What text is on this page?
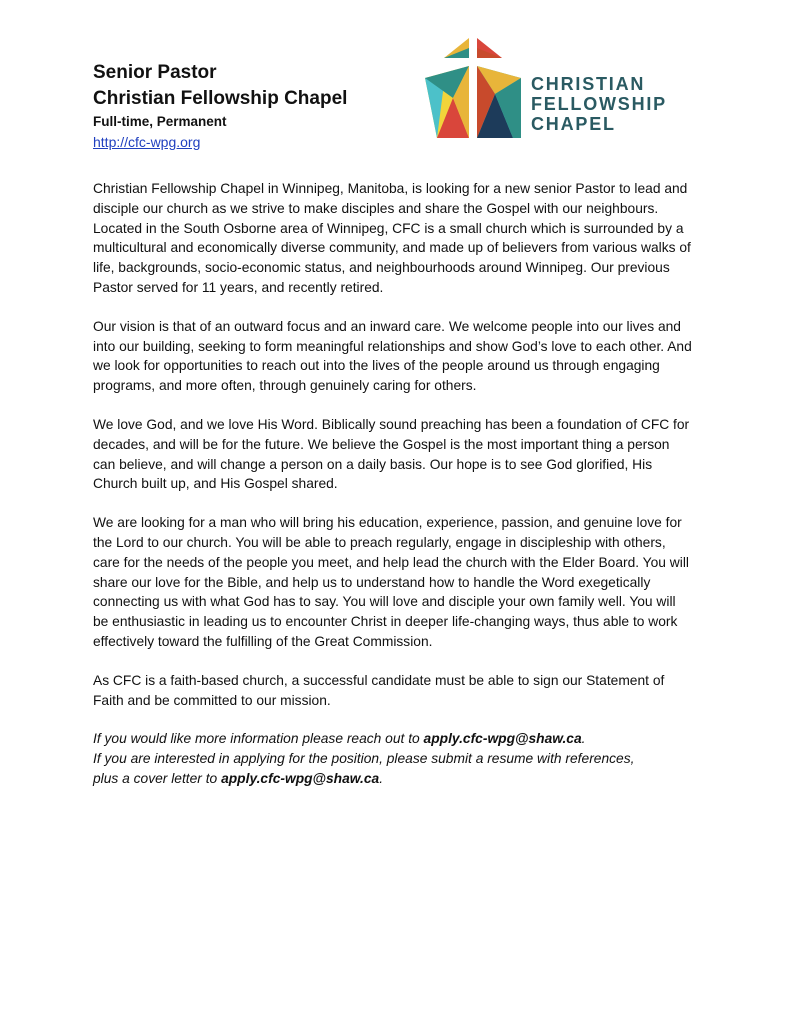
Senior Pastor
Christian Fellowship Chapel
Full-time, Permanent
http://cfc-wpg.org
CHRISTIAN
FELLOWSHIP
CHAPEL

Christian Fellowship Chapel in Winnipeg, Manitoba, is looking for a new senior Pastor to lead and disciple our church as we strive to make disciples and share the Gospel with our neighbours. Located in the South Osborne area of Winnipeg, CFC is a small church which is surrounded by a multicultural and economically diverse community, and made up of believers from various walks of life, backgrounds, socio-economic status, and neighbourhoods around Winnipeg. Our previous Pastor served for 11 years, and recently retired.

Our vision is that of an outward focus and an inward care. We welcome people into our lives and into our building, seeking to form meaningful relationships and show God’s love to each other. And we look for opportunities to reach out into the lives of the people around us through engaging programs, and more often, through genuinely caring for others.

We love God, and we love His Word. Biblically sound preaching has been a foundation of CFC for decades, and will be for the future. We believe the Gospel is the most important thing a person can believe, and will change a person on a daily basis. Our hope is to see God glorified, His Church built up, and His Gospel shared.

We are looking for a man who will bring his education, experience, passion, and genuine love for the Lord to our church. You will be able to preach regularly, engage in discipleship with others, care for the needs of the people you meet, and help lead the church with the Elder Board. You will share our love for the Bible, and help us to understand how to handle the Word exegetically connecting us with what God has to say. You will love and disciple your own family well. You will be enthusiastic in leading us to encounter Christ in deeper life-changing ways, thus able to work effectively toward the fulfilling of the Great Commission.

As CFC is a faith-based church, a successful candidate must be able to sign our Statement of Faith and be committed to our mission.

If you would like more information please reach out to apply.cfc-wpg@shaw.ca.

If you are interested in applying for the position, please submit a resume with references,

plus a cover letter to apply.cfc-wpg@shaw.ca.
